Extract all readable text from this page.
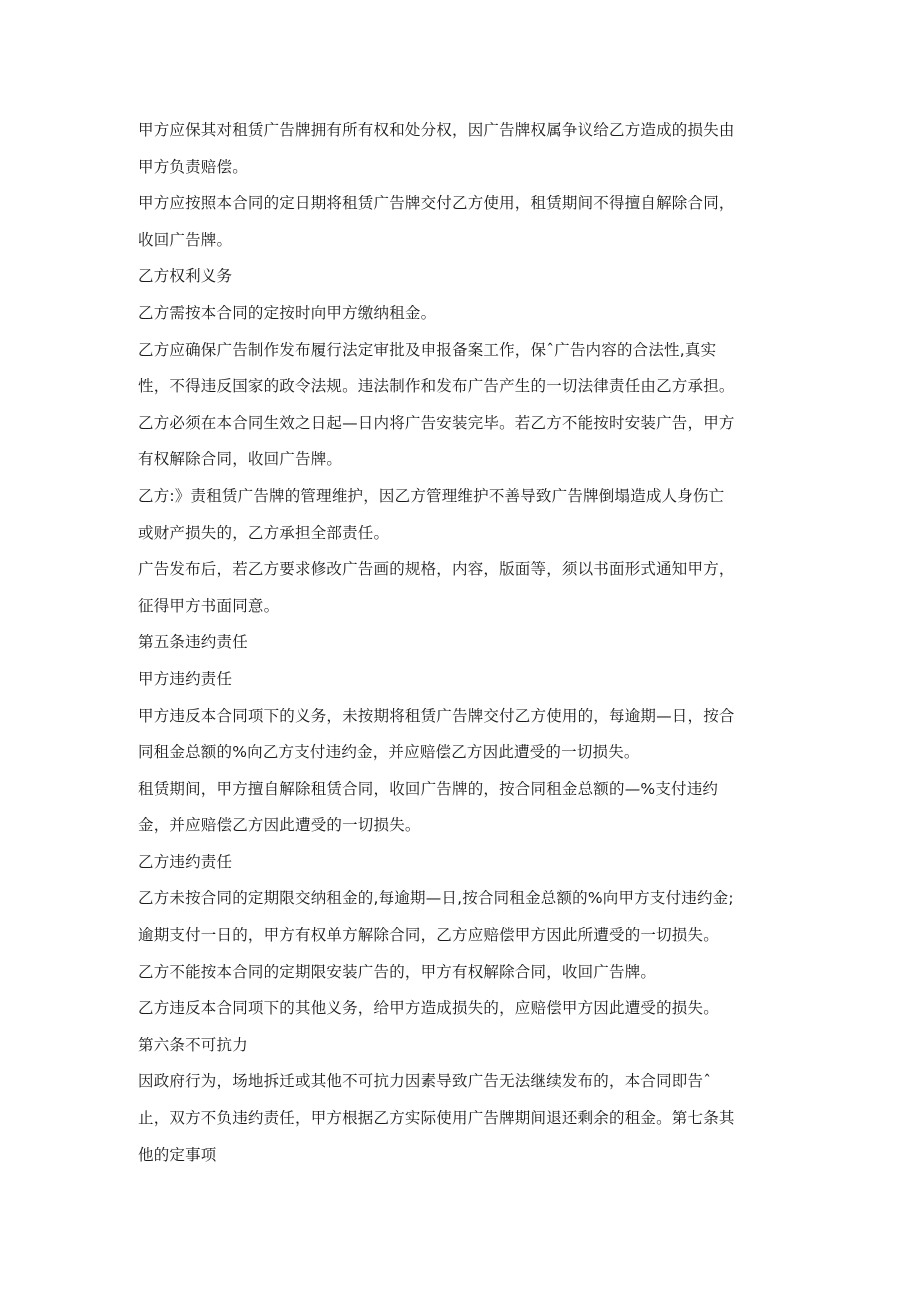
甲方应保其对租赁广告牌拥有所有权和处分权，因广告牌权属争议给乙方造成的损失由
甲方负责赔偿。
甲方应按照本合同的定日期将租赁广告牌交付乙方使用，租赁期间不得擅自解除合同，
收回广告牌。
乙方权利义务
乙方需按本合同的定按时向甲方缴纳租金。
乙方应确保广告制作发布履行法定审批及申报备案工作，保ˆ广告内容的合法性,真实
性，不得违反国家的政令法规。违法制作和发布广告产生的一切法律责任由乙方承担。
乙方必须在本合同生效之日起—日内将广告安装完毕。若乙方不能按时安装广告，甲方
有权解除合同，收回广告牌。
乙方:》责租赁广告牌的管理维护，因乙方管理维护不善导致广告牌倒塌造成人身伤亡
或财产损失的，乙方承担全部责任。
广告发布后，若乙方要求修改广告画的规格，内容，版面等，须以书面形式通知甲方，
征得甲方书面同意。
第五条违约责任
甲方违约责任
甲方违反本合同项下的义务，未按期将租赁广告牌交付乙方使用的，每逾期—日，按合
同租金总额的%向乙方支付违约金，并应赔偿乙方因此遭受的一切损失。
租赁期间，甲方擅自解除租赁合同，收回广告牌的，按合同租金总额的—%支付违约
金，并应赔偿乙方因此遭受的一切损失。
乙方违约责任
乙方未按合同的定期限交纳租金的,每逾期—日,按合同租金总额的%向甲方支付违约金;
逾期支付一日的，甲方有权单方解除合同，乙方应赔偿甲方因此所遭受的一切损失。
乙方不能按本合同的定期限安装广告的，甲方有权解除合同，收回广告牌。
乙方违反本合同项下的其他义务，给甲方造成损失的，应赔偿甲方因此遭受的损失。
第六条不可抗力
因政府行为，场地拆迁或其他不可抗力因素导致广告无法继续发布的，本合同即告ˆ
止，双方不负违约责任，甲方根据乙方实际使用广告牌期间退还剩余的租金。第七条其
他的定事项
